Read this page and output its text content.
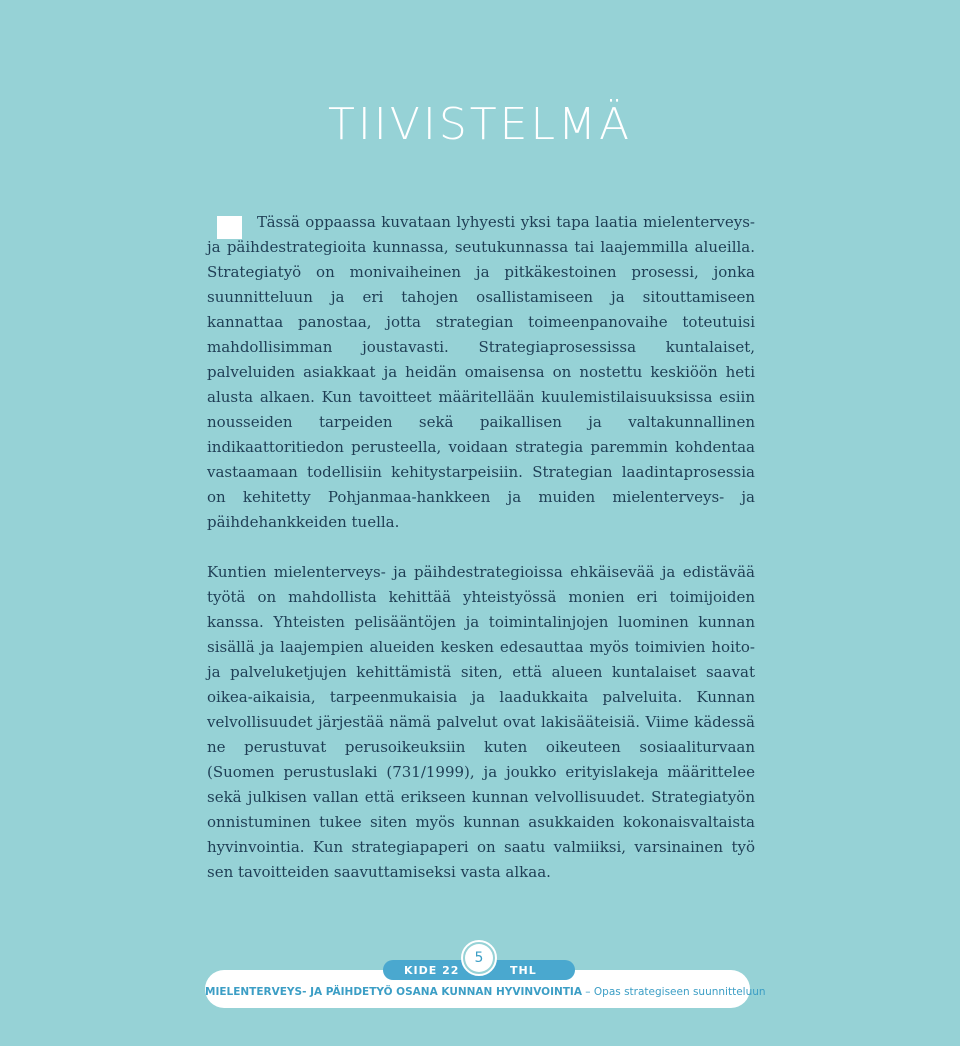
TIIVISTELMÄ

Tässä oppaassa kuvataan lyhyesti yksi tapa laatia mielenterveys- ja päihdestrategioita kunnassa, seutukunnassa tai laajemmilla alueilla. Strategiatyö on monivaiheinen ja pitkäkestoinen prosessi, jonka suunnitteluun ja eri tahojen osallistamiseen ja sitouttamiseen kannattaa panostaa, jotta strategian toimeenpanovaihe toteutuisi mahdollisimman joustavasti. Strategiaprosessissa kuntalaiset, palveluiden asiakkaat ja heidän omaisensa on nostettu keskiöön heti alusta alkaen. Kun tavoitteet määritellään kuulemistilaisuuksissa esiin nousseiden tarpeiden sekä paikallisen ja valtakunnallinen indikaattoritiedon perusteella, voidaan strategia paremmin kohdentaa vastaamaan todellisiin kehitystarpeisiin. Strategian laadintaprosessia on kehitetty Pohjanmaa-hankkeen ja muiden mielenterveys- ja päihdehankkeiden tuella.

Kuntien mielenterveys- ja päihdestrategioissa ehkäisevää ja edistävää työtä on mahdollista kehittää yhteistyössä monien eri toimijoiden kanssa. Yhteisten pelisääntöjen ja toimintalinjojen luominen kunnan sisällä ja laajempien alueiden kesken edesauttaa myös toimivien hoito- ja palveluketjujen kehittämistä siten, että alueen kuntalaiset saavat oikea-aikaisia, tarpeenmukaisia ja laadukkaita palveluita. Kunnan velvollisuudet järjestää nämä palvelut ovat lakisääteisiä. Viime kädessä ne perustuvat perusoikeuksiin kuten oikeuteen sosiaaliturvaan (Suomen perustuslaki (731/1999), ja joukko erityislakeja määrittelee sekä julkisen vallan että erikseen kunnan velvollisuudet. Strategiatyön onnistuminen tukee siten myös kunnan asukkaiden kokonaisvaltaista hyvinvointia. Kun strategiapaperi on saatu valmiiksi, varsinainen työ sen tavoitteiden saavuttamiseksi vasta alkaa.

MIELENTERVEYS- JA PÄIHDETYÖ OSANA KUNNAN HYVINVOINTIA – Opas strategiseen suunnitteluun
KIDE 22	THL
5
